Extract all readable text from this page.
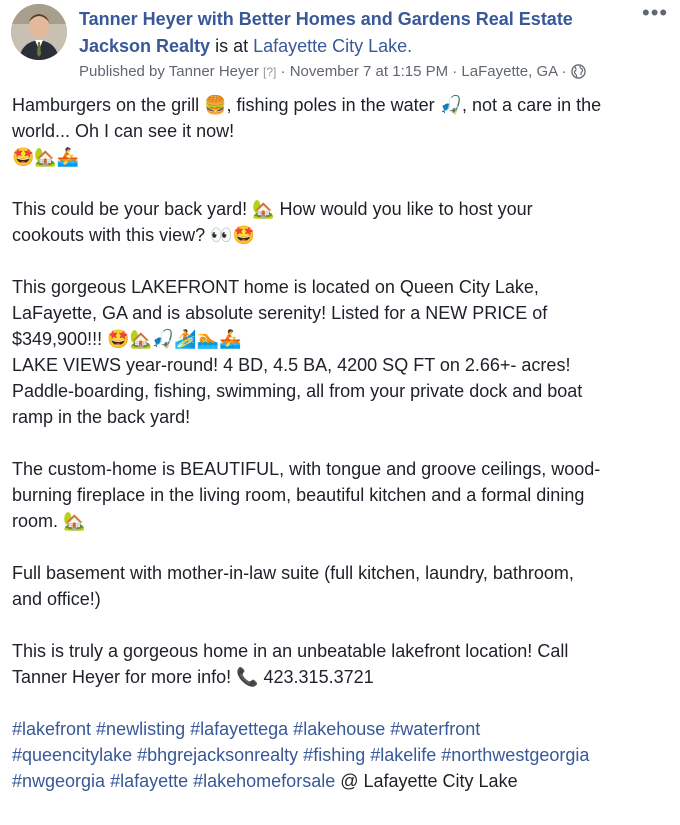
Tanner Heyer with Better Homes and Gardens Real Estate
Jackson Realty is at Lafayette City Lake.
Published by Tanner Heyer [?] · November 7 at 1:15 PM · LaFayette, GA ·
•••

Hamburgers on the grill 🍔, fishing poles in the water 🎣, not a care in the

world... Oh I can see it now!

🤩🏡🚣

This could be your back yard! 🏡 How would you like to host your

cookouts with this view? 👀🤩

This gorgeous LAKEFRONT home is located on Queen City Lake,

LaFayette, GA and is absolute serenity! Listed for a NEW PRICE of

$349,900!!! 🤩🏡🎣🏄🏊🚣

LAKE VIEWS year-round! 4 BD, 4.5 BA, 4200 SQ FT on 2.66+- acres!

Paddle-boarding, fishing, swimming, all from your private dock and boat

ramp in the back yard!

The custom-home is BEAUTIFUL, with tongue and groove ceilings, wood-

burning fireplace in the living room, beautiful kitchen and a formal dining

room. 🏡

Full basement with mother-in-law suite (full kitchen, laundry, bathroom,

and office!)

This is truly a gorgeous home in an unbeatable lakefront location! Call

Tanner Heyer for more info! 📞 423.315.3721

#lakefront #newlisting #lafayettega #lakehouse #waterfront

#queencitylake #bhgrejacksonrealty #fishing #lakelife #northwestgeorgia

#nwgeorgia #lafayette #lakehomeforsale @ Lafayette City Lake
